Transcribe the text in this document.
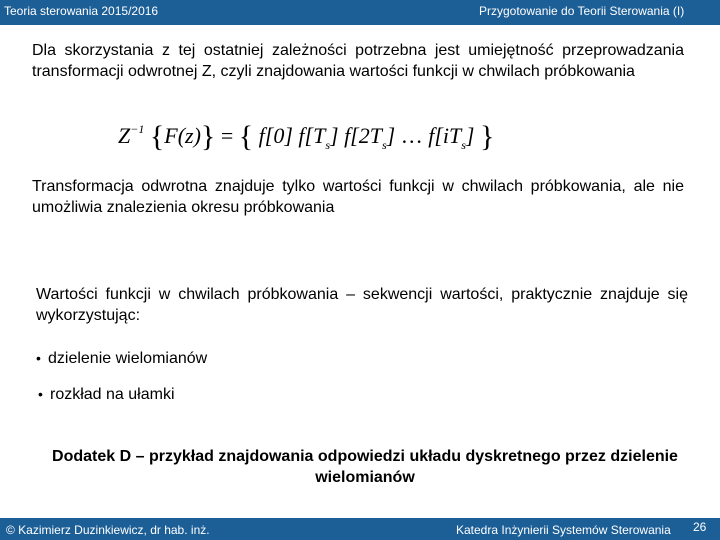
Teoria sterowania 2015/2016	Przygotowanie do Teorii Sterowania (I)
Dla skorzystania z tej ostatniej zależności potrzebna jest umiejętność przeprowadzania transformacji odwrotnej Z, czyli znajdowania wartości funkcji w chwilach próbkowania
$Z^{-1}$ {F(z)} = { f[0] $f[T_s]$ $f[2T_s]$ … $f[iT_s]$ }
Transformacja odwrotna znajduje tylko wartości funkcji w chwilach próbkowania, ale nie umożliwia znalezienia okresu próbkowania
Wartości funkcji w chwilach próbkowania – sekwencji wartości, praktycznie znajduje się wykorzystując:
• dzielenie wielomianów
• rozkład na ułamki
Dodatek D – przykład znajdowania odpowiedzi układu dyskretnego przez dzielenie wielomianów
© Kazimierz Duzinkiewicz, dr hab. inż.	Katedra Inżynierii Systemów Sterowania 26
